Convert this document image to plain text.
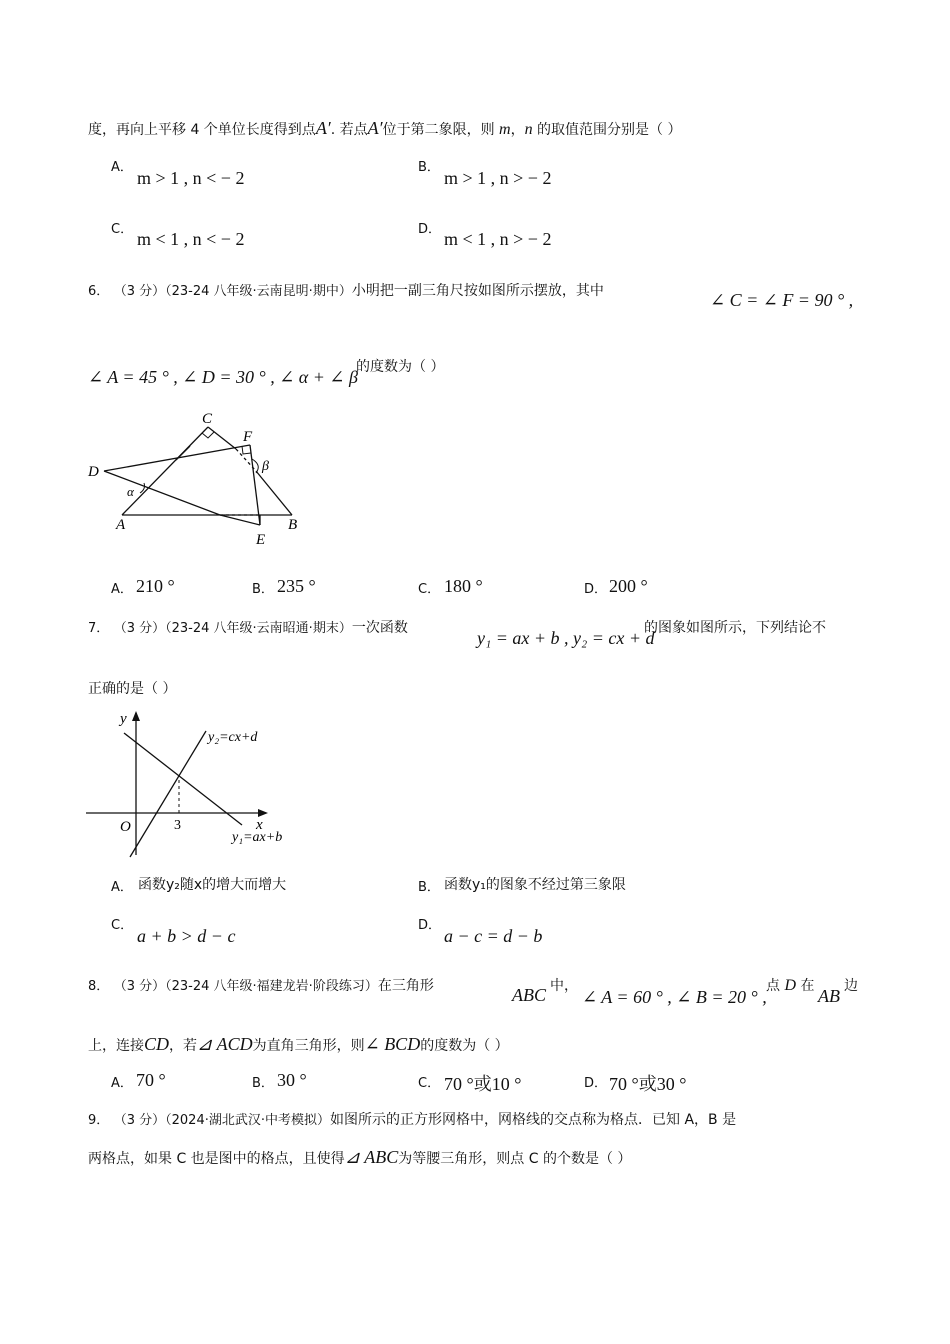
度，再向上平移 4 个单位长度得到点A′. 若点A′位于第二象限，则 m，n 的取值范围分别是（ ）
A．
m > 1 , n < − 2
B．
m > 1 , n > − 2
C． m < 1 , n < − 2	D． m < 1 , n > − 2
6． （3 分）（23-24 八年级·云南昆明·期中）小明把一副三角尺按如图所示摆放，其中	∠ C = ∠ F = 90 ° ,
∠ A = 45 ° , ∠ D = 30 ° , ∠ α + ∠ β
的度数为（ ）
C
F
D
α
β
A	B
E
A． 210 °	B． 235 °	C． 180 °	D． 200 °
7． （3 分）（23-24 八年级·云南昭通·期末）一次函数	y₁ = ax + b , y₂ = cx + d
的图象如图所示，下列结论不
正确的是（ ）
y
x
O	3
y₂=cx+d
y₁=ax+b
A． 函数y₂随x的增大而增大	B． 函数y₁的图象不经过第三象限
C．
a + b > d − c
D．
a − c = d − b
8． （3 分）（23-24 八年级·福建龙岩·阶段练习）在三角形	ABC 中，
∠ A = 60 ° , ∠ B = 20 ° ,
点 D 在 AB 边
上，连接CD，若⊿ ACD为直角三角形，则∠ BCD的度数为（ ）
A． 70 °	B． 30 °	C． 70 °或10 °	D． 70 °或30 °
9． （3 分）（2024·湖北武汉·中考模拟）如图所示的正方形网格中，网格线的交点称为格点．已知 A，B 是
两格点，如果 C 也是图中的格点，且使得⊿ ABC为等腰三角形，则点 C 的个数是（ ）
